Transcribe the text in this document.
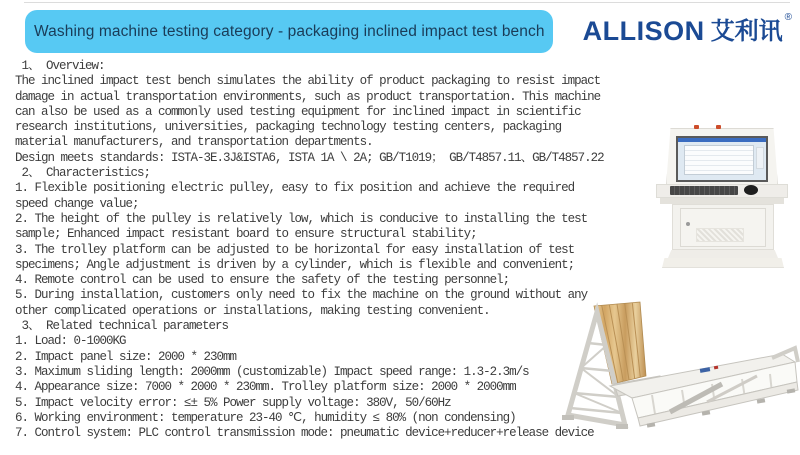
Washing machine testing category - packaging inclined impact test bench ALLISON 艾利讯
®
1、 Overview:
The inclined impact test bench simulates the ability of product packaging to resist impact
damage in actual transportation environments, such as product transportation. This machine
can also be used as a commonly used testing equipment for inclined impact in scientific
research institutions, universities, packaging technology testing centers, packaging
material manufacturers, and transportation departments.
Design meets standards: ISTA-3E.3J&ISTA6, ISTA 1A \ 2A; GB/T1019； GB/T4857.11、GB/T4857.22
2、 Characteristics;
1. Flexible positioning electric pulley, easy to fix position and achieve the required
speed change value;
2. The height of the pulley is relatively low, which is conducive to installing the test
sample; Enhanced impact resistant board to ensure structural stability;
3. The trolley platform can be adjusted to be horizontal for easy installation of test
specimens; Angle adjustment is driven by a cylinder, which is flexible and convenient;
4. Remote control can be used to ensure the safety of the testing personnel;
5. During installation, customers only need to fix the machine on the ground without any
other complicated operations or installations, making testing convenient.
3、 Related technical parameters
1. Load: 0-1000KG
2. Impact panel size: 2000 * 230mm
3. Maximum sliding length: 2000mm (customizable) Impact speed range: 1.3-2.3m/s
4. Appearance size: 7000 * 2000 * 230mm. Trolley platform size: 2000 * 2000mm
5. Impact velocity error: ≤± 5% Power supply voltage: 380V, 50/60Hz
6. Working environment: temperature 23-40 ℃, humidity ≤ 80% (non condensing)
7. Control system: PLC control transmission mode: pneumatic device+reducer+release device
